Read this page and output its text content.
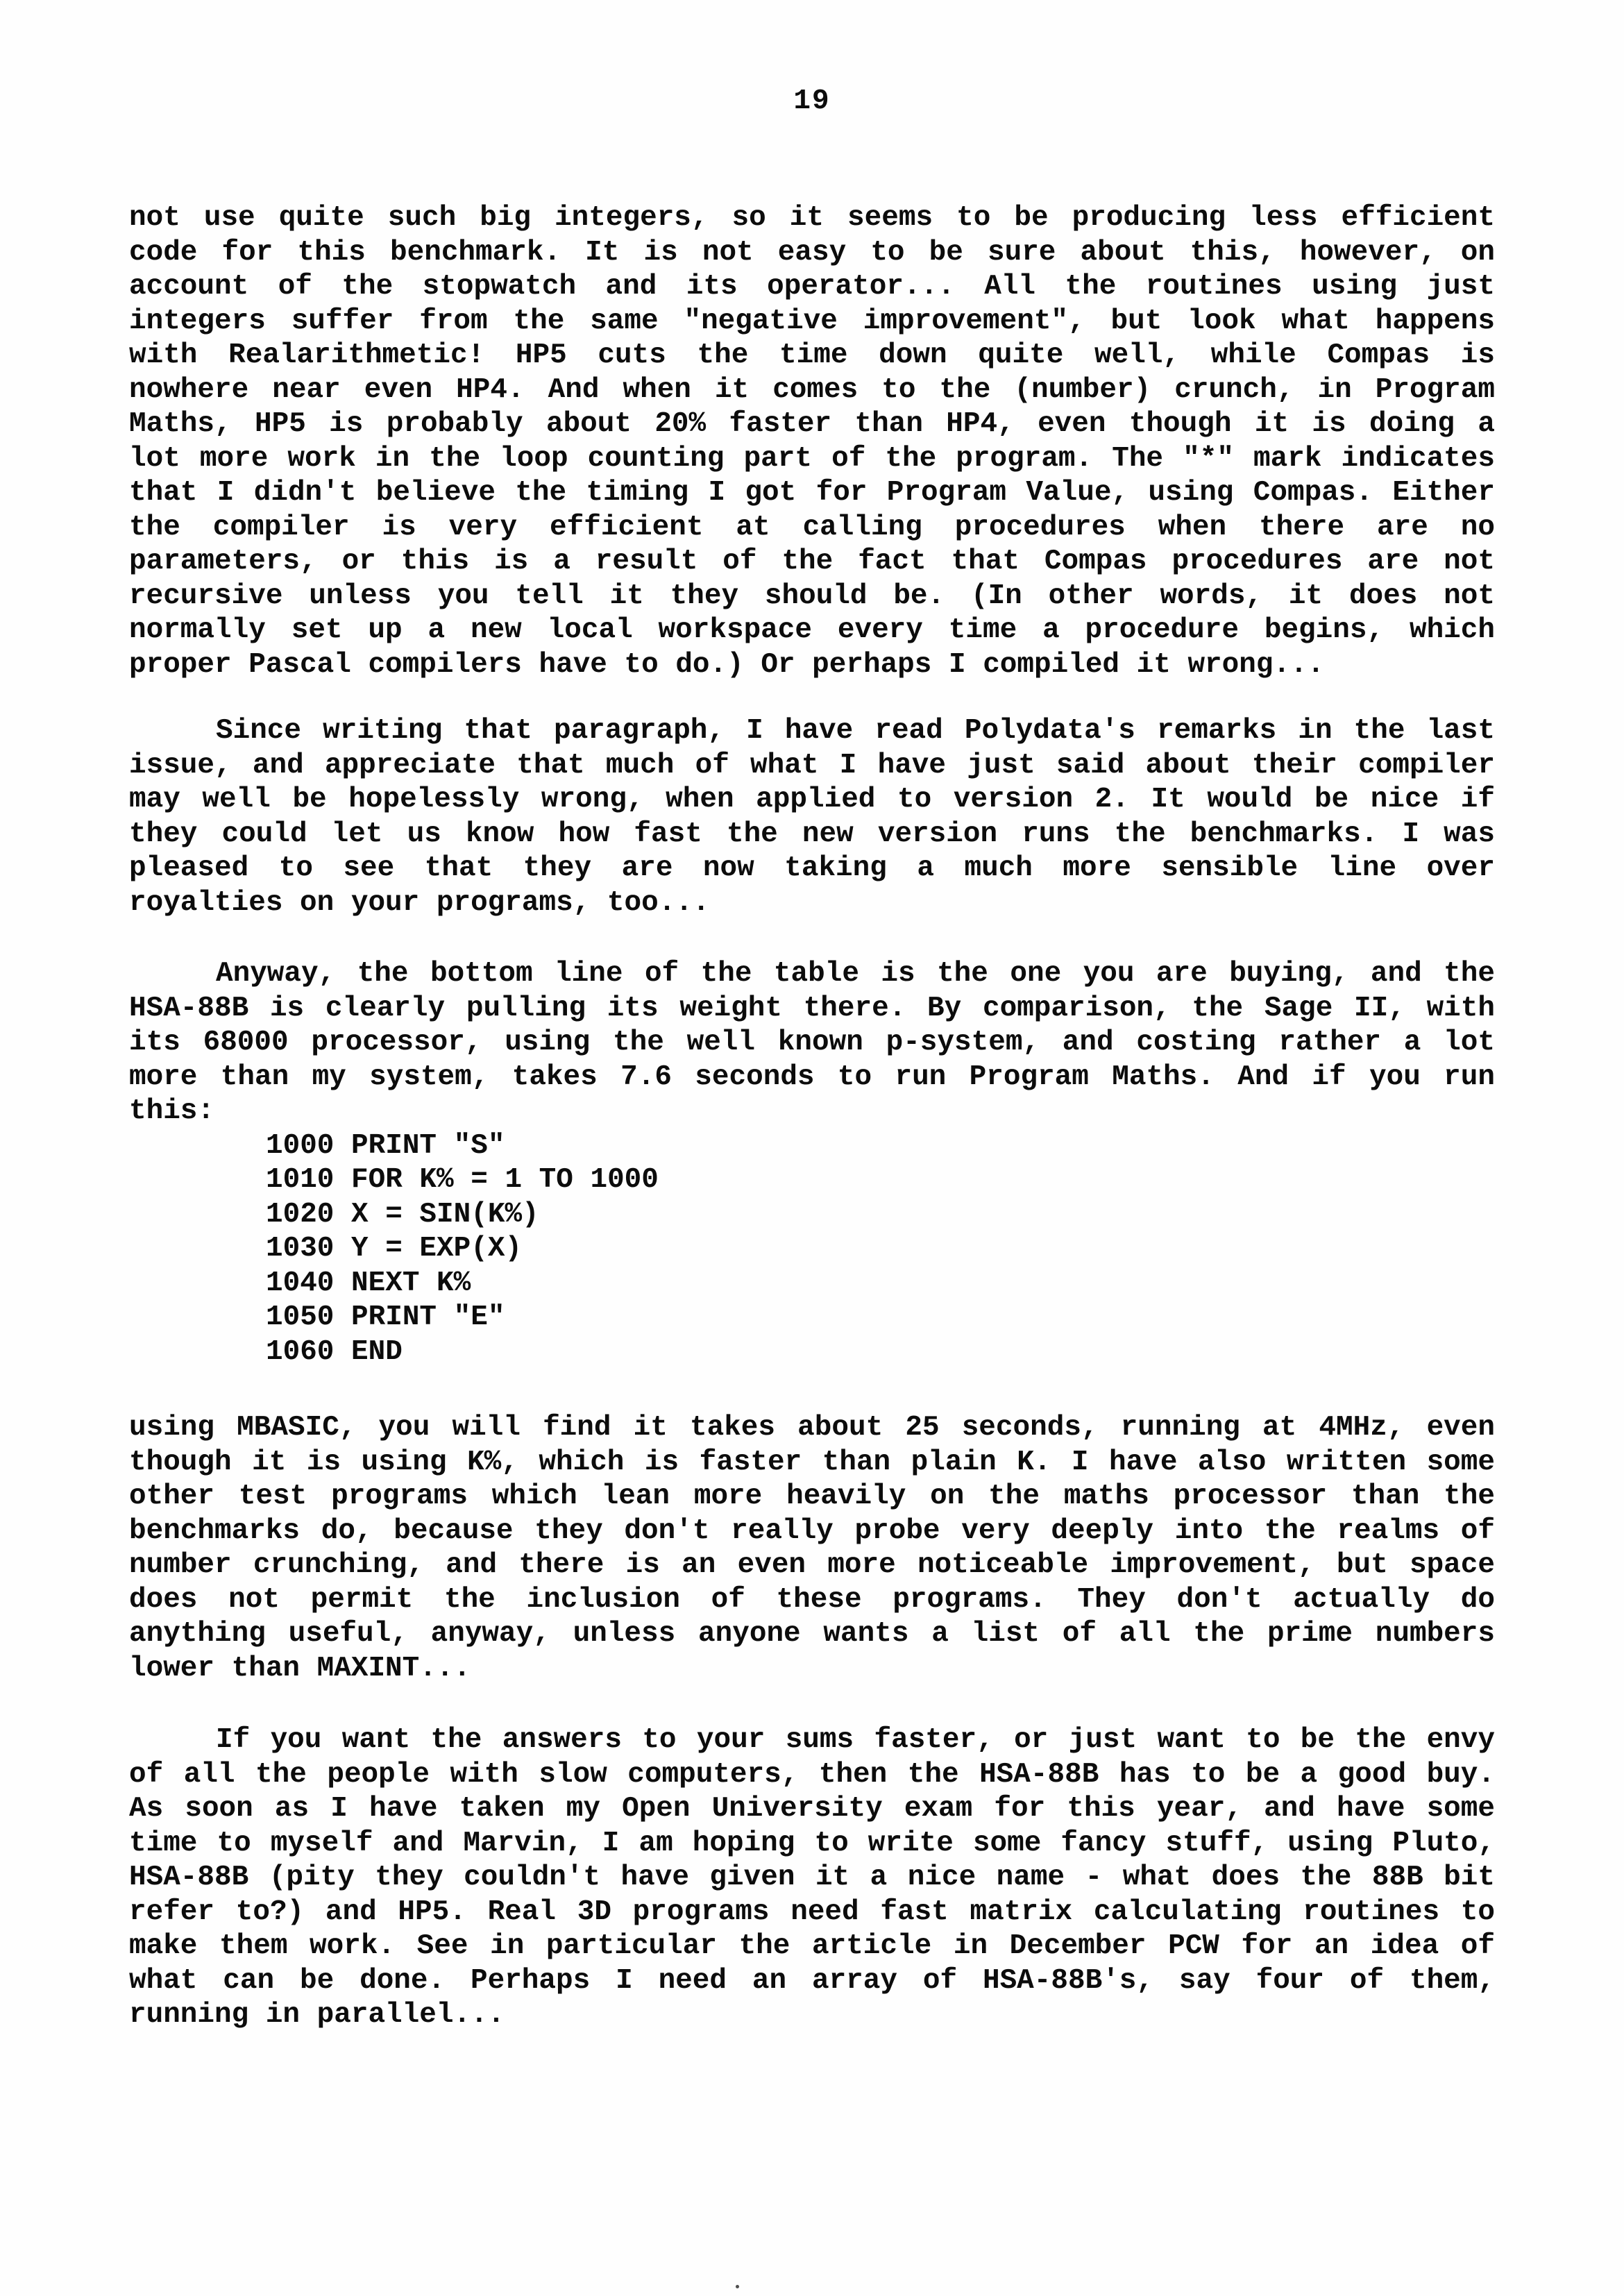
19
not use quite such big integers, so it seems to be producing less efficient
code for this benchmark. It is not easy to be sure about this, however, on
account of the stopwatch and its operator... All the routines using just
integers suffer from the same "negative improvement", but look what happens
with Realarithmetic! HP5 cuts the time down quite well, while Compas is
nowhere near even HP4. And when it comes to the (number) crunch, in Program
Maths, HP5 is probably about 20% faster than HP4, even though it is doing a
lot more work in the loop counting part of the program. The "*" mark indicates
that I didn't believe the timing I got for Program Value, using Compas. Either
the compiler is very efficient at calling procedures when there are no
parameters, or this is a result of the fact that Compas procedures are not
recursive unless you tell it they should be. (In other words, it does not
normally set up a new local workspace every time a procedure begins, which
proper Pascal compilers have to do.) Or perhaps I compiled it wrong...
Since writing that paragraph, I have read Polydata's remarks in the last
issue, and appreciate that much of what I have just said about their compiler
may well be hopelessly wrong, when applied to version 2. It would be nice if
they could let us know how fast the new version runs the benchmarks. I was
pleased to see that they are now taking a much more sensible line over
royalties on your programs, too...
Anyway, the bottom line of the table is the one you are buying, and the
HSA-88B is clearly pulling its weight there. By comparison, the Sage II, with
its 68000 processor, using the well known p-system, and costing rather a lot
more than my system, takes 7.6 seconds to run Program Maths. And if you run
this:
1000 PRINT "S"
1010 FOR K% = 1 TO 1000
1020 X = SIN(K%)
1030 Y = EXP(X)
1040 NEXT K%
1050 PRINT "E"
1060 END
using MBASIC, you will find it takes about 25 seconds, running at 4MHz, even
though it is using K%, which is faster than plain K. I have also written some
other test programs which lean more heavily on the maths processor than the
benchmarks do, because they don't really probe very deeply into the realms of
number crunching, and there is an even more noticeable improvement, but space
does not permit the inclusion of these programs. They don't actually do
anything useful, anyway, unless anyone wants a list of all the prime numbers
lower than MAXINT...
If you want the answers to your sums faster, or just want to be the envy
of all the people with slow computers, then the HSA-88B has to be a good buy.
As soon as I have taken my Open University exam for this year, and have some
time to myself and Marvin, I am hoping to write some fancy stuff, using Pluto,
HSA-88B (pity they couldn't have given it a nice name - what does the 88B bit
refer to?) and HP5. Real 3D programs need fast matrix calculating routines to
make them work. See in particular the article in December PCW for an idea of
what can be done. Perhaps I need an array of HSA-88B's, say four of them,
running in parallel...
